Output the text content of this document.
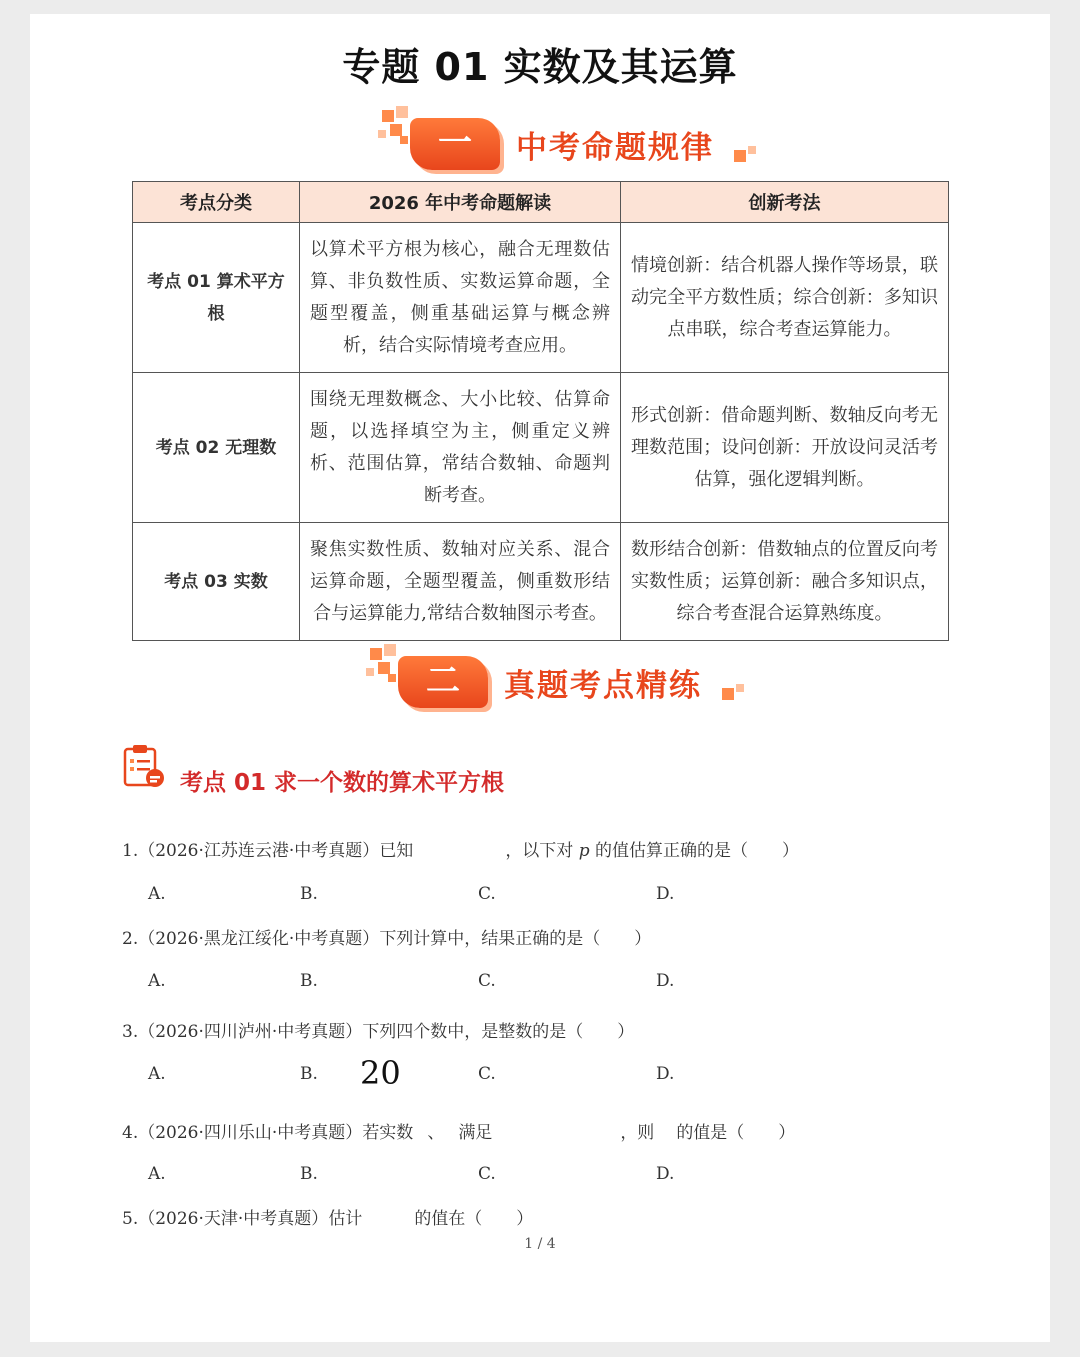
专题 01 实数及其运算
一	中考命题规律
考点分类	2026 年中考命题解读	创新考法
考点 01 算术平方根	以算术平方根为核心，融合无理数估算、非负数性质、实数运算命题，全题型覆盖，侧重基础运算与概念辨析，结合实际情境考查应用。	情境创新：结合机器人操作等场景，联动完全平方数性质；综合创新：多知识点串联，综合考查运算能力。
考点 02 无理数	围绕无理数概念、大小比较、估算命题，以选择填空为主，侧重定义辨析、范围估算，常结合数轴、命题判断考查。	形式创新：借命题判断、数轴反向考无理数范围；设问创新：开放设问灵活考估算，强化逻辑判断。
考点 03 实数	聚焦实数性质、数轴对应关系、混合运算命题，全题型覆盖，侧重数形结合与运算能力,常结合数轴图示考查。	数形结合创新：借数轴点的位置反向考实数性质；运算创新：融合多知识点，综合考查混合运算熟练度。
二	真题考点精练
考点 01 求一个数的算术平方根
1.（2026·江苏连云港·中考真题）已知	，以下对 p 的值估算正确的是（　　）
A.	B.	C.	D.
2.（2026·黑龙江绥化·中考真题）下列计算中，结果正确的是（　　）
A.	B.	C.	D.
3.（2026·四川泸州·中考真题）下列四个数中，是整数的是（　　）
A.	B. 20	C.	D.
4.（2026·四川乐山·中考真题）若实数 、 满足	，则 的值是（　　）
A.	B.	C.	D.
5.（2026·天津·中考真题）估计	的值在（　　）
1 / 4
